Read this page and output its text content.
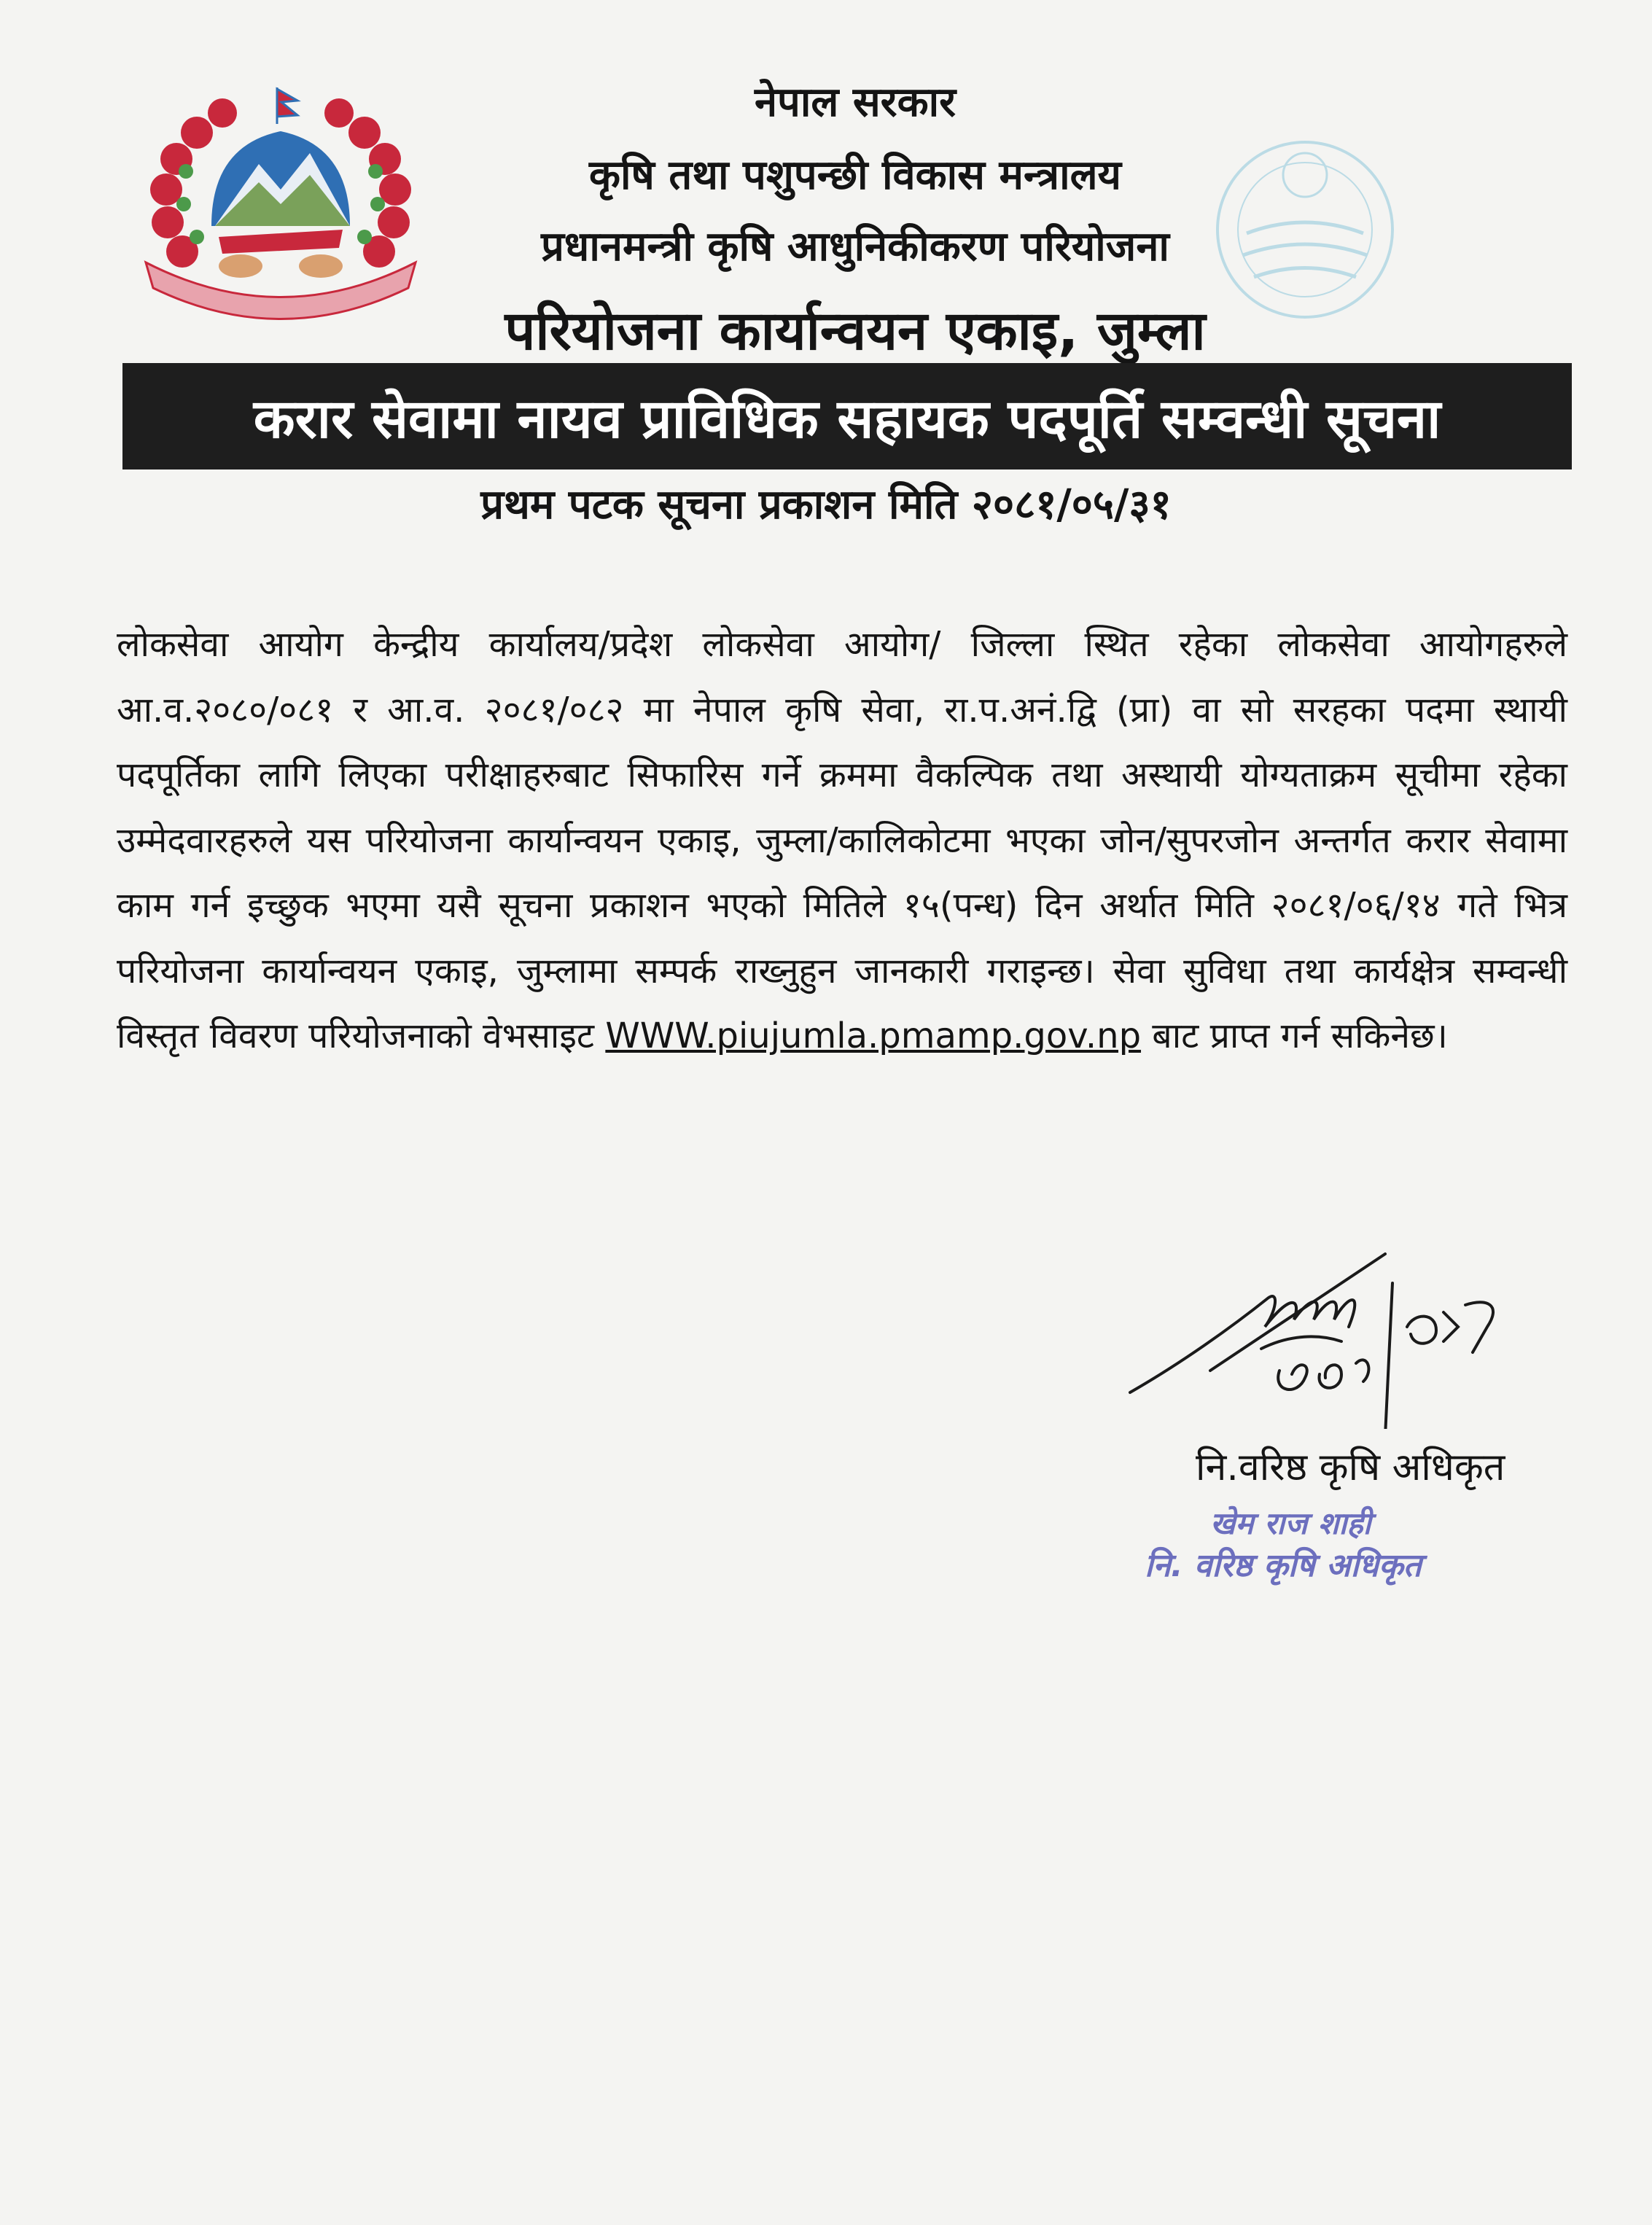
नेपाल सरकार
कृषि तथा पशुपन्छी विकास मन्त्रालय
प्रधानमन्त्री कृषि आधुनिकीकरण परियोजना
परियोजना कार्यान्वयन एकाइ, जुम्ला
करार सेवामा नायव प्राविधिक सहायक पदपूर्ति सम्वन्धी सूचना
प्रथम पटक सूचना प्रकाशन मिति २०८१/०५/३१
लोकसेवा आयोग केन्द्रीय कार्यालय/प्रदेश लोकसेवा आयोग/ जिल्ला स्थित रहेका लोकसेवा आयोगहरुले आ.व.२०८०/०८१ र आ.व. २०८१/०८२ मा नेपाल कृषि सेवा, रा.प.अनं.द्वि (प्रा) वा सो सरहका पदमा स्थायी पदपूर्तिका लागि लिएका परीक्षाहरुबाट सिफारिस गर्ने क्रममा वैकल्पिक तथा अस्थायी योग्यताक्रम सूचीमा रहेका उम्मेदवारहरुले यस परियोजना कार्यान्वयन एकाइ, जुम्ला/कालिकोटमा भएका जोन/सुपरजोन अन्तर्गत करार सेवामा काम गर्न इच्छुक भएमा यसै सूचना प्रकाशन भएको मितिले १५(पन्ध) दिन अर्थात मिति २०८१/०६/१४ गते भित्र परियोजना कार्यान्वयन एकाइ, जुम्लामा सम्पर्क राख्नुहुन जानकारी गराइन्छ। सेवा सुविधा तथा कार्यक्षेत्र सम्वन्धी विस्तृत विवरण परियोजनाको वेभसाइट WWW.piujumla.pmamp.gov.np बाट प्राप्त गर्न सकिनेछ।
नि.वरिष्ठ कृषि अधिकृत
खेम राज शाही
नि. वरिष्ठ कृषि अधिकृत
